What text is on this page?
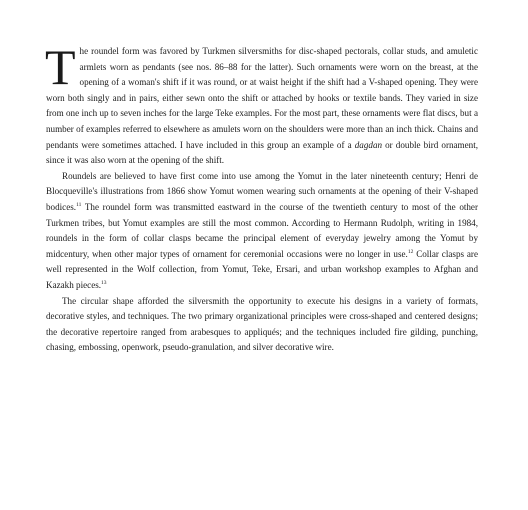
The roundel form was favored by Turkmen silversmiths for disc-shaped pectorals, collar studs, and amuletic armlets worn as pendants (see nos. 86–88 for the latter). Such ornaments were worn on the breast, at the opening of a woman's shift if it was round, or at waist height if the shift had a V-shaped opening. They were worn both singly and in pairs, either sewn onto the shift or attached by hooks or textile bands. They varied in size from one inch up to seven inches for the large Teke examples. For the most part, these ornaments were flat discs, but a number of examples referred to elsewhere as amulets worn on the shoulders were more than an inch thick. Chains and pendants were sometimes attached. I have included in this group an example of a dagdan or double bird ornament, since it was also worn at the opening of the shift.

Roundels are believed to have first come into use among the Yomut in the later nineteenth century; Henri de Blocqueville's illustrations from 1866 show Yomut women wearing such ornaments at the opening of their V-shaped bodices.$^{11}$ The roundel form was transmitted eastward in the course of the twentieth century to most of the other Turkmen tribes, but Yomut examples are still the most common. According to Hermann Rudolph, writing in 1984, roundels in the form of collar clasps became the principal element of everyday jewelry among the Yomut by midcentury, when other major types of ornament for ceremonial occasions were no longer in use.$^{12}$ Collar clasps are well represented in the Wolf collection, from Yomut, Teke, Ersari, and urban workshop examples to Afghan and Kazakh pieces.$^{13}$

The circular shape afforded the silversmith the opportunity to execute his designs in a variety of formats, decorative styles, and techniques. The two primary organizational principles were cross-shaped and centered designs; the decorative repertoire ranged from arabesques to appliqués; and the techniques included fire gilding, punching, chasing, embossing, openwork, pseudo-granulation, and silver decorative wire.
